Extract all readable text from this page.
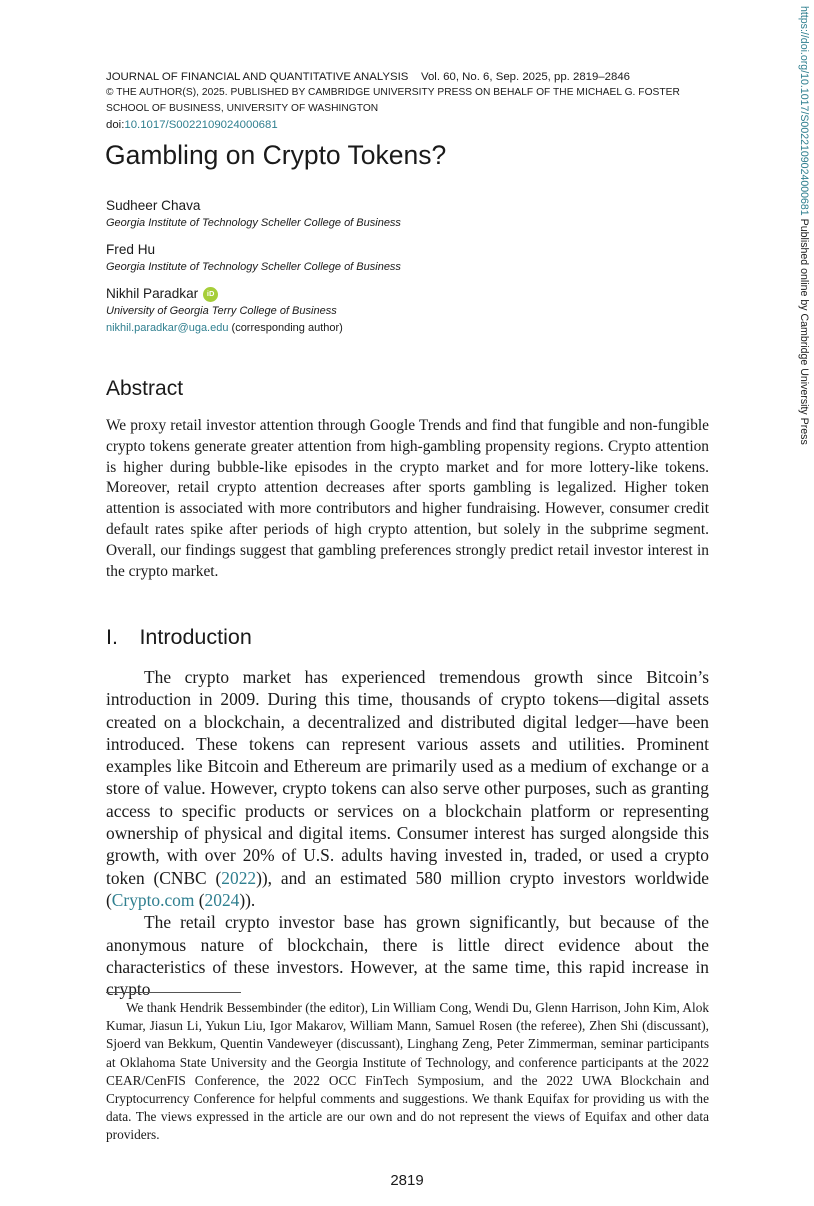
https://doi.org/10.1017/S0022109024000681 Published online by Cambridge University Press
JOURNAL OF FINANCIAL AND QUANTITATIVE ANALYSIS Vol. 60, No. 6, Sep. 2025, pp. 2819–2846
© THE AUTHOR(S), 2025. PUBLISHED BY CAMBRIDGE UNIVERSITY PRESS ON BEHALF OF THE MICHAEL G. FOSTER
SCHOOL OF BUSINESS, UNIVERSITY OF WASHINGTON
doi:10.1017/S0022109024000681
Gambling on Crypto Tokens?
Sudheer Chava
Georgia Institute of Technology Scheller College of Business
Fred Hu
Georgia Institute of Technology Scheller College of Business
Nikhil Paradkar	iD
University of Georgia Terry College of Business
nikhil.paradkar@uga.edu (corresponding author)
Abstract
We proxy retail investor attention through Google Trends and find that fungible and non-fungible crypto tokens generate greater attention from high-gambling propensity regions. Crypto attention is higher during bubble-like episodes in the crypto market and for more lottery-like tokens. Moreover, retail crypto attention decreases after sports gambling is legalized. Higher token attention is associated with more contributors and higher fundraising. However, consumer credit default rates spike after periods of high crypto attention, but solely in the subprime segment. Overall, our findings suggest that gambling preferences strongly predict retail investor interest in the crypto market.
I. Introduction

The crypto market has experienced tremendous growth since Bitcoin’s introduction in 2009. During this time, thousands of crypto tokens—digital assets created on a blockchain, a decentralized and distributed digital ledger—have been introduced. These tokens can represent various assets and utilities. Prominent examples like Bitcoin and Ethereum are primarily used as a medium of exchange or a store of value. However, crypto tokens can also serve other purposes, such as granting access to specific products or services on a blockchain platform or representing ownership of physical and digital items. Consumer interest has surged alongside this growth, with over 20% of U.S. adults having invested in, traded, or used a crypto token (CNBC (2022)), and an estimated 580 million crypto investors worldwide (Crypto.com (2024)).

The retail crypto investor base has grown significantly, but because of the anonymous nature of blockchain, there is little direct evidence about the characteristics of these investors. However, at the same time, this rapid increase in crypto

We thank Hendrik Bessembinder (the editor), Lin William Cong, Wendi Du, Glenn Harrison, John Kim, Alok Kumar, Jiasun Li, Yukun Liu, Igor Makarov, William Mann, Samuel Rosen (the referee), Zhen Shi (discussant), Sjoerd van Bekkum, Quentin Vandeweyer (discussant), Linghang Zeng, Peter Zimmerman, seminar participants at Oklahoma State University and the Georgia Institute of Technology, and conference participants at the 2022 CEAR/CenFIS Conference, the 2022 OCC FinTech Symposium, and the 2022 UWA Blockchain and Cryptocurrency Conference for helpful comments and suggestions. We thank Equifax for providing us with the data. The views expressed in the article are our own and do not represent the views of Equifax and other data providers.
2819
